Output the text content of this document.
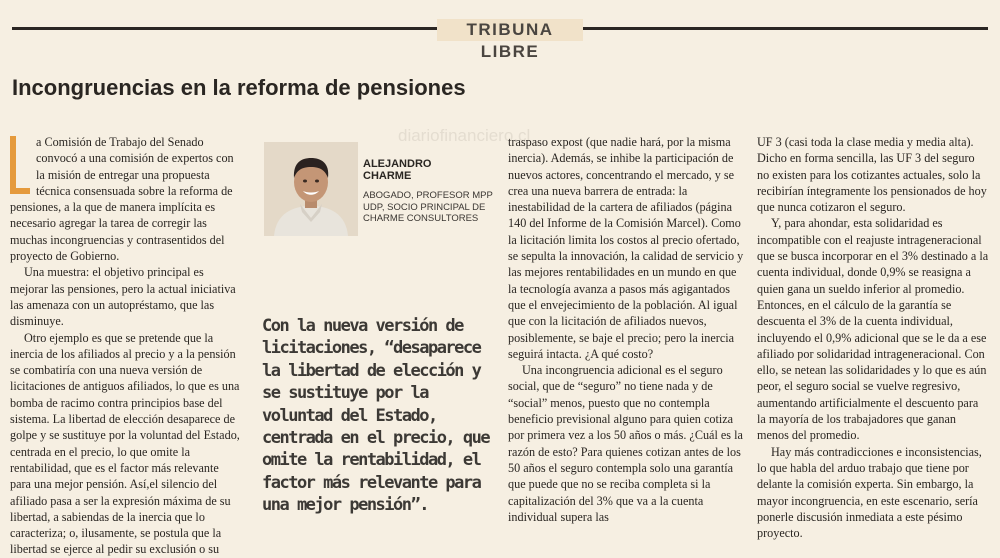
TRIBUNA LIBRE
Incongruencias en la reforma de pensiones
diariofinanciero.cl

a Comisión de Trabajo del Senado convocó a una comisión de expertos con la misión de entregar una propuesta técnica consensuada sobre la reforma de pensiones, a la que de manera implícita es necesario agregar la tarea de corregir las muchas incongruencias y contrasentidos del proyecto de Gobierno.

Una muestra: el objetivo principal es mejorar las pensiones, pero la actual iniciativa las amenaza con un autopréstamo, que las disminuye.

Otro ejemplo es que se pretende que la inercia de los afiliados al precio y a la pensión se combatiría con una nueva versión de licitaciones de antiguos afiliados, lo que es una bomba de racimo contra principios base del sistema. La libertad de elección desaparece de golpe y se sustituye por la voluntad del Estado, centrada en el precio, lo que omite la rentabilidad, que es el factor más relevante para una mejor pensión. Así,el silencio del afiliado pasa a ser la expresión máxima de su libertad, a sabiendas de la inercia que lo caracteriza; o, ilusamente, se postula que la libertad se ejerce al pedir su exclusión o su

ALEJANDRO
CHARME
ABOGADO, PROFESOR MPP UDP, SOCIO PRINCIPAL DE CHARME CONSULTORES
Con la nueva versión de licitaciones, “desaparece la libertad de elección y se sustituye por la voluntad del Estado, centrada en el precio, que omite la rentabilidad, el factor más relevante para una mejor pensión”.

traspaso expost (que nadie hará, por la misma inercia). Además, se inhibe la participación de nuevos actores, concentrando el mercado, y se crea una nueva barrera de entrada: la inestabilidad de la cartera de afiliados (página 140 del Informe de la Comisión Marcel). Como la licitación limita los costos al precio ofertado, se sepulta la innovación, la calidad de servicio y las mejores rentabilidades en un mundo en que la tecnología avanza a pasos más agigantados que el envejecimiento de la población. Al igual que con la licitación de afiliados nuevos, posiblemente, se baje el precio; pero la inercia seguirá intacta. ¿A qué costo?

Una incongruencia adicional es el seguro social, que de “seguro” no tiene nada y de “social” menos, puesto que no contempla beneficio previsional alguno para quien cotiza por primera vez a los 50 años o más. ¿Cuál es la razón de esto? Para quienes cotizan antes de los 50 años el seguro contempla solo una garantía que puede que no se reciba completa si la capitalización del 3% que va a la cuenta individual supera las

UF 3 (casi toda la clase media y media alta). Dicho en forma sencilla, las UF 3 del seguro no existen para los cotizantes actuales, solo la recibirían íntegramente los pensionados de hoy que nunca cotizaron el seguro.

Y, para ahondar, esta solidaridad es incompatible con el reajuste intrageneracional que se busca incorporar en el 3% destinado a la cuenta individual, donde 0,9% se reasigna a quien gana un sueldo inferior al promedio. Entonces, en el cálculo de la garantía se descuenta el 3% de la cuenta individual, incluyendo el 0,9% adicional que se le da a ese afiliado por solidaridad intrageneracional. Con ello, se netean las solidaridades y lo que es aún peor, el seguro social se vuelve regresivo, aumentando artificialmente el descuento para la mayoría de los trabajadores que ganan menos del promedio.

Hay más contradicciones e inconsistencias, lo que habla del arduo trabajo que tiene por delante la comisión experta. Sin embargo, la mayor incongruencia, en este escenario, sería ponerle discusión inmediata a este pésimo proyecto.
